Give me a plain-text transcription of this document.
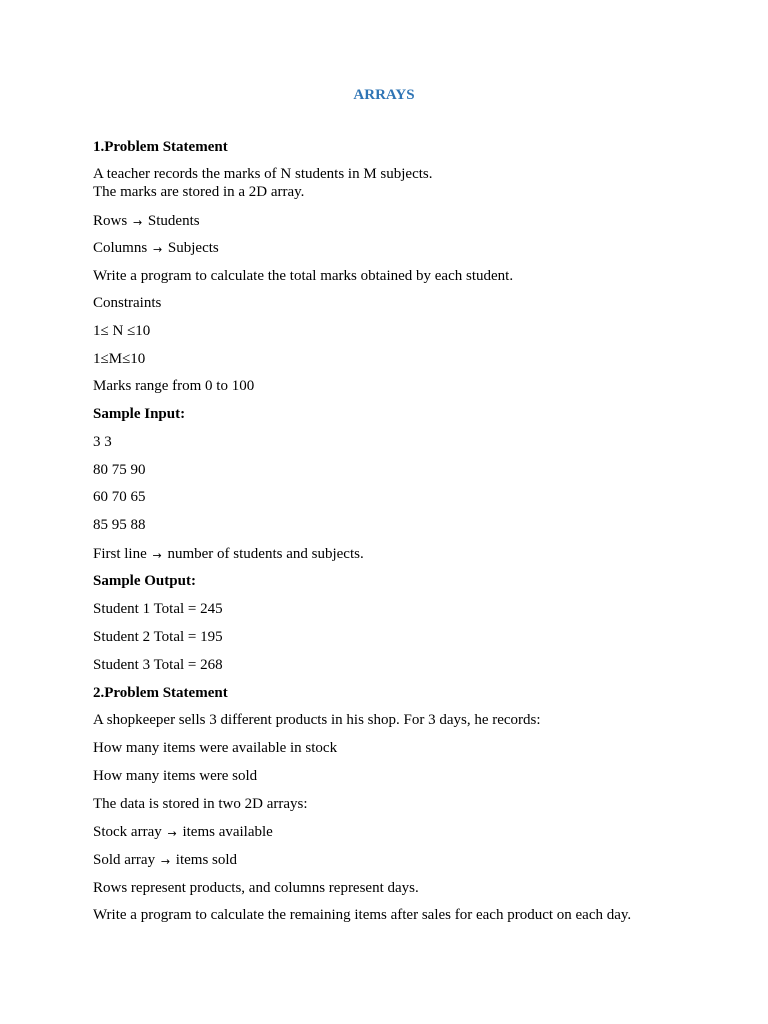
ARRAYS
1.Problem Statement
A teacher records the marks of N students in M subjects.
The marks are stored in a 2D array.
Rows → Students
Columns → Subjects
Write a program to calculate the total marks obtained by each student.
Constraints
1≤ N ≤10
1≤M≤10
Marks range from 0 to 100
Sample Input:
3 3
80 75 90
60 70 65
85 95 88
First line → number of students and subjects.
Sample Output:
Student 1 Total = 245
Student 2 Total = 195
Student 3 Total = 268
2.Problem Statement
A shopkeeper sells 3 different products in his shop. For 3 days, he records:
How many items were available in stock
How many items were sold
The data is stored in two 2D arrays:
Stock array → items available
Sold array → items sold
Rows represent products, and columns represent days.
Write a program to calculate the remaining items after sales for each product on each day.
